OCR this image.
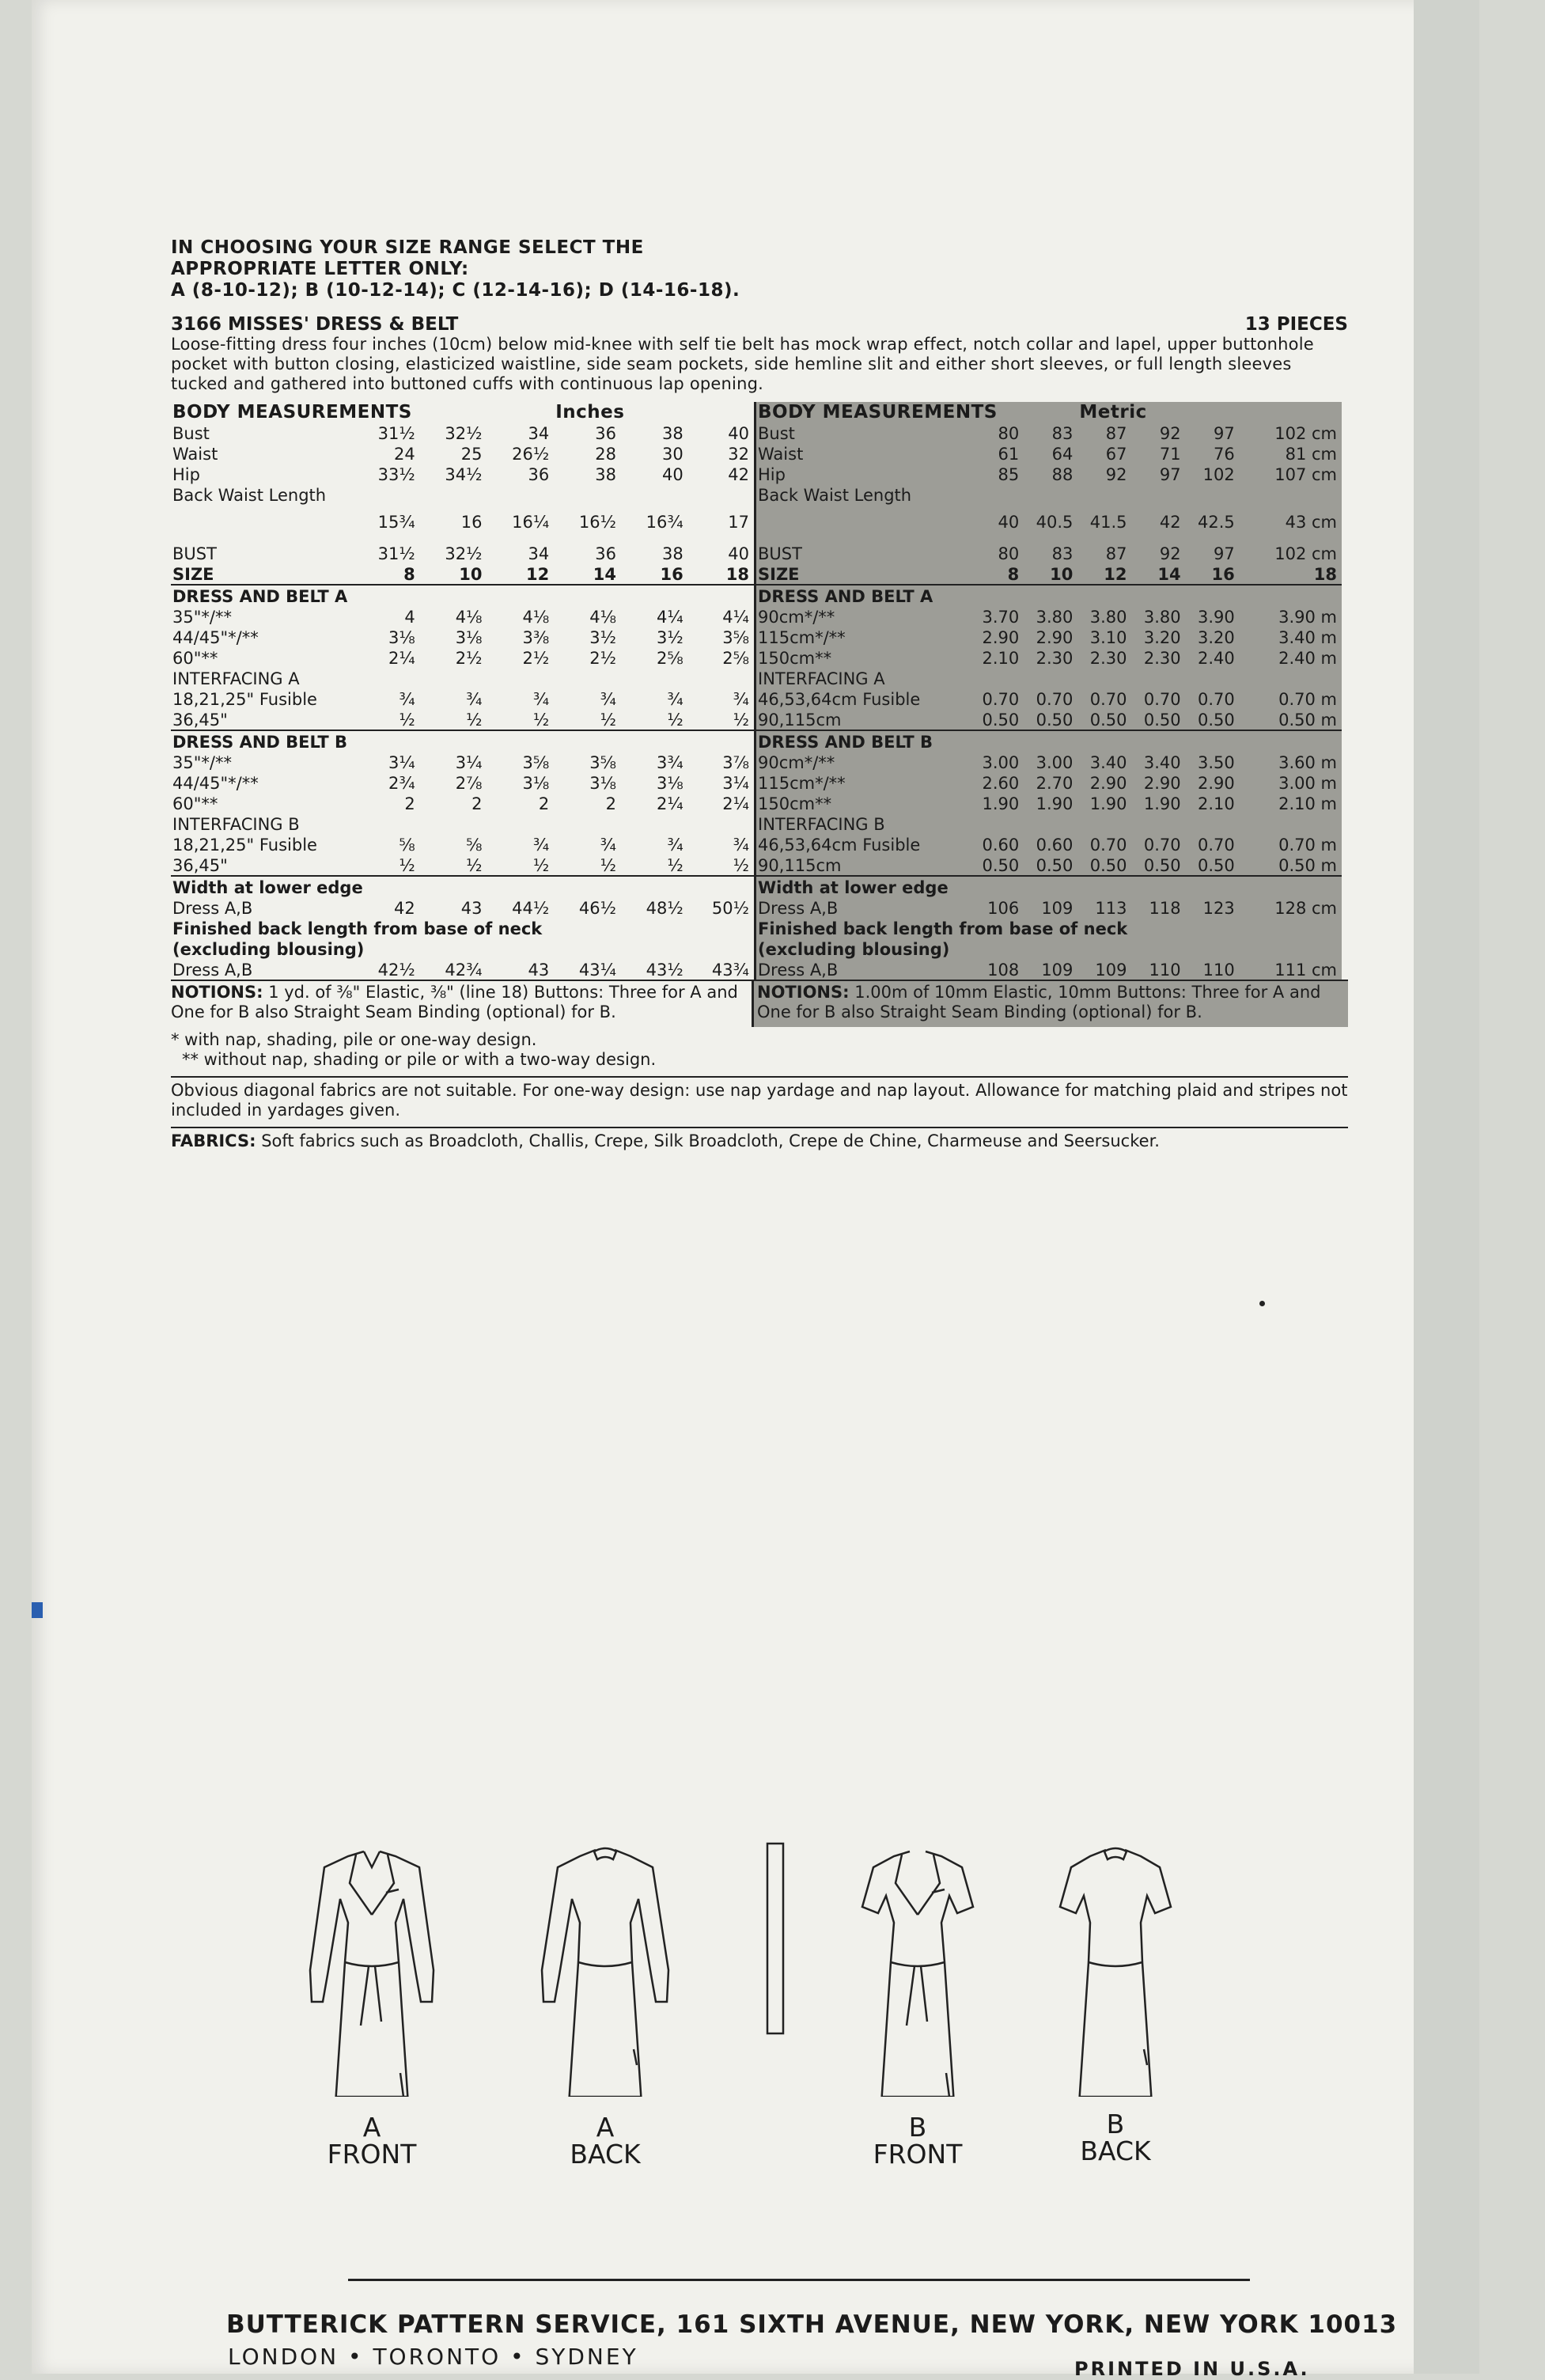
IN CHOOSING YOUR SIZE RANGE SELECT THE
APPROPRIATE LETTER ONLY:
A (8-10-12); B (10-12-14); C (12-14-16); D (14-16-18).
3166 MISSES' DRESS & BELT	13 PIECES
Loose-fitting dress four inches (10cm) below mid-knee with self tie belt has mock wrap effect, notch collar and lapel, upper buttonhole pocket with button closing, elasticized waistline, side seam pockets, side hemline slit and either short sleeves, or full length sleeves tucked and gathered into buttoned cuffs with continuous lap opening.
BODY MEASUREMENTS				Inches		
Bust	31½	32½	34	36	38	40
Waist	24	25	26½	28	30	32
Hip	33½	34½	36	38	40	42
Back Waist Length						
	15¾	16	16¼	16½	16¾	17

BUST	31½	32½	34	36	38	40
SIZE	8	10	12	14	16	18
DRESS AND BELT A						
35"*/**	4	4⅛	4⅛	4⅛	4¼	4¼
44/45"*/**	3⅛	3⅛	3⅜	3½	3½	3⅝
60"**	2¼	2½	2½	2½	2⅝	2⅝
INTERFACING A						
18,21,25" Fusible	¾	¾	¾	¾	¾	¾
36,45"	½	½	½	½	½	½
DRESS AND BELT B						
35"*/**	3¼	3¼	3⅝	3⅝	3¾	3⅞
44/45"*/**	2¾	2⅞	3⅛	3⅛	3⅛	3¼
60"**	2	2	2	2	2¼	2¼
INTERFACING B						
18,21,25" Fusible	⅝	⅝	¾	¾	¾	¾
36,45"	½	½	½	½	½	½
Width at lower edge						
Dress A,B	42	43	44½	46½	48½	50½
Finished back length from base of neck						
(excluding blousing)						
Dress A,B	42½	42¾	43	43¼	43½	43¾
BODY MEASUREMENTS			Metric			
Bust	80	83	87	92	97	102 cm
Waist	61	64	67	71	76	81 cm
Hip	85	88	92	97	102	107 cm
Back Waist Length						
	40	40.5	41.5	42	42.5	43 cm

BUST	80	83	87	92	97	102 cm
SIZE	8	10	12	14	16	18
DRESS AND BELT A						
90cm*/**	3.70	3.80	3.80	3.80	3.90	3.90 m
115cm*/**	2.90	2.90	3.10	3.20	3.20	3.40 m
150cm**	2.10	2.30	2.30	2.30	2.40	2.40 m
INTERFACING A						
46,53,64cm Fusible	0.70	0.70	0.70	0.70	0.70	0.70 m
90,115cm	0.50	0.50	0.50	0.50	0.50	0.50 m
DRESS AND BELT B						
90cm*/**	3.00	3.00	3.40	3.40	3.50	3.60 m
115cm*/**	2.60	2.70	2.90	2.90	2.90	3.00 m
150cm**	1.90	1.90	1.90	1.90	2.10	2.10 m
INTERFACING B						
46,53,64cm Fusible	0.60	0.60	0.70	0.70	0.70	0.70 m
90,115cm	0.50	0.50	0.50	0.50	0.50	0.50 m
Width at lower edge						
Dress A,B	106	109	113	118	123	128 cm
Finished back length from base of neck						
(excluding blousing)						
Dress A,B	108	109	109	110	110	111 cm
NOTIONS: 1 yd. of ⅜" Elastic, ⅜" (line 18) Buttons: Three for A and One for B also Straight Seam Binding (optional) for B.
NOTIONS: 1.00m of 10mm Elastic, 10mm Buttons: Three for A and One for B also Straight Seam Binding (optional) for B.
* with nap, shading, pile or one-way design.
** without nap, shading or pile or with a two-way design.
Obvious diagonal fabrics are not suitable. For one-way design: use nap yardage and nap layout. Allowance for matching plaid and stripes not included in yardages given.
FABRICS: Soft fabrics such as Broadcloth, Challis, Crepe, Silk Broadcloth, Crepe de Chine, Charmeuse and Seersucker.
A
FRONT
A
BACK
B
FRONT
B
BACK
BUTTERICK PATTERN SERVICE, 161 SIXTH AVENUE, NEW YORK, NEW YORK 10013
LONDON • TORONTO • SYDNEY	PRINTED IN U.S.A.
